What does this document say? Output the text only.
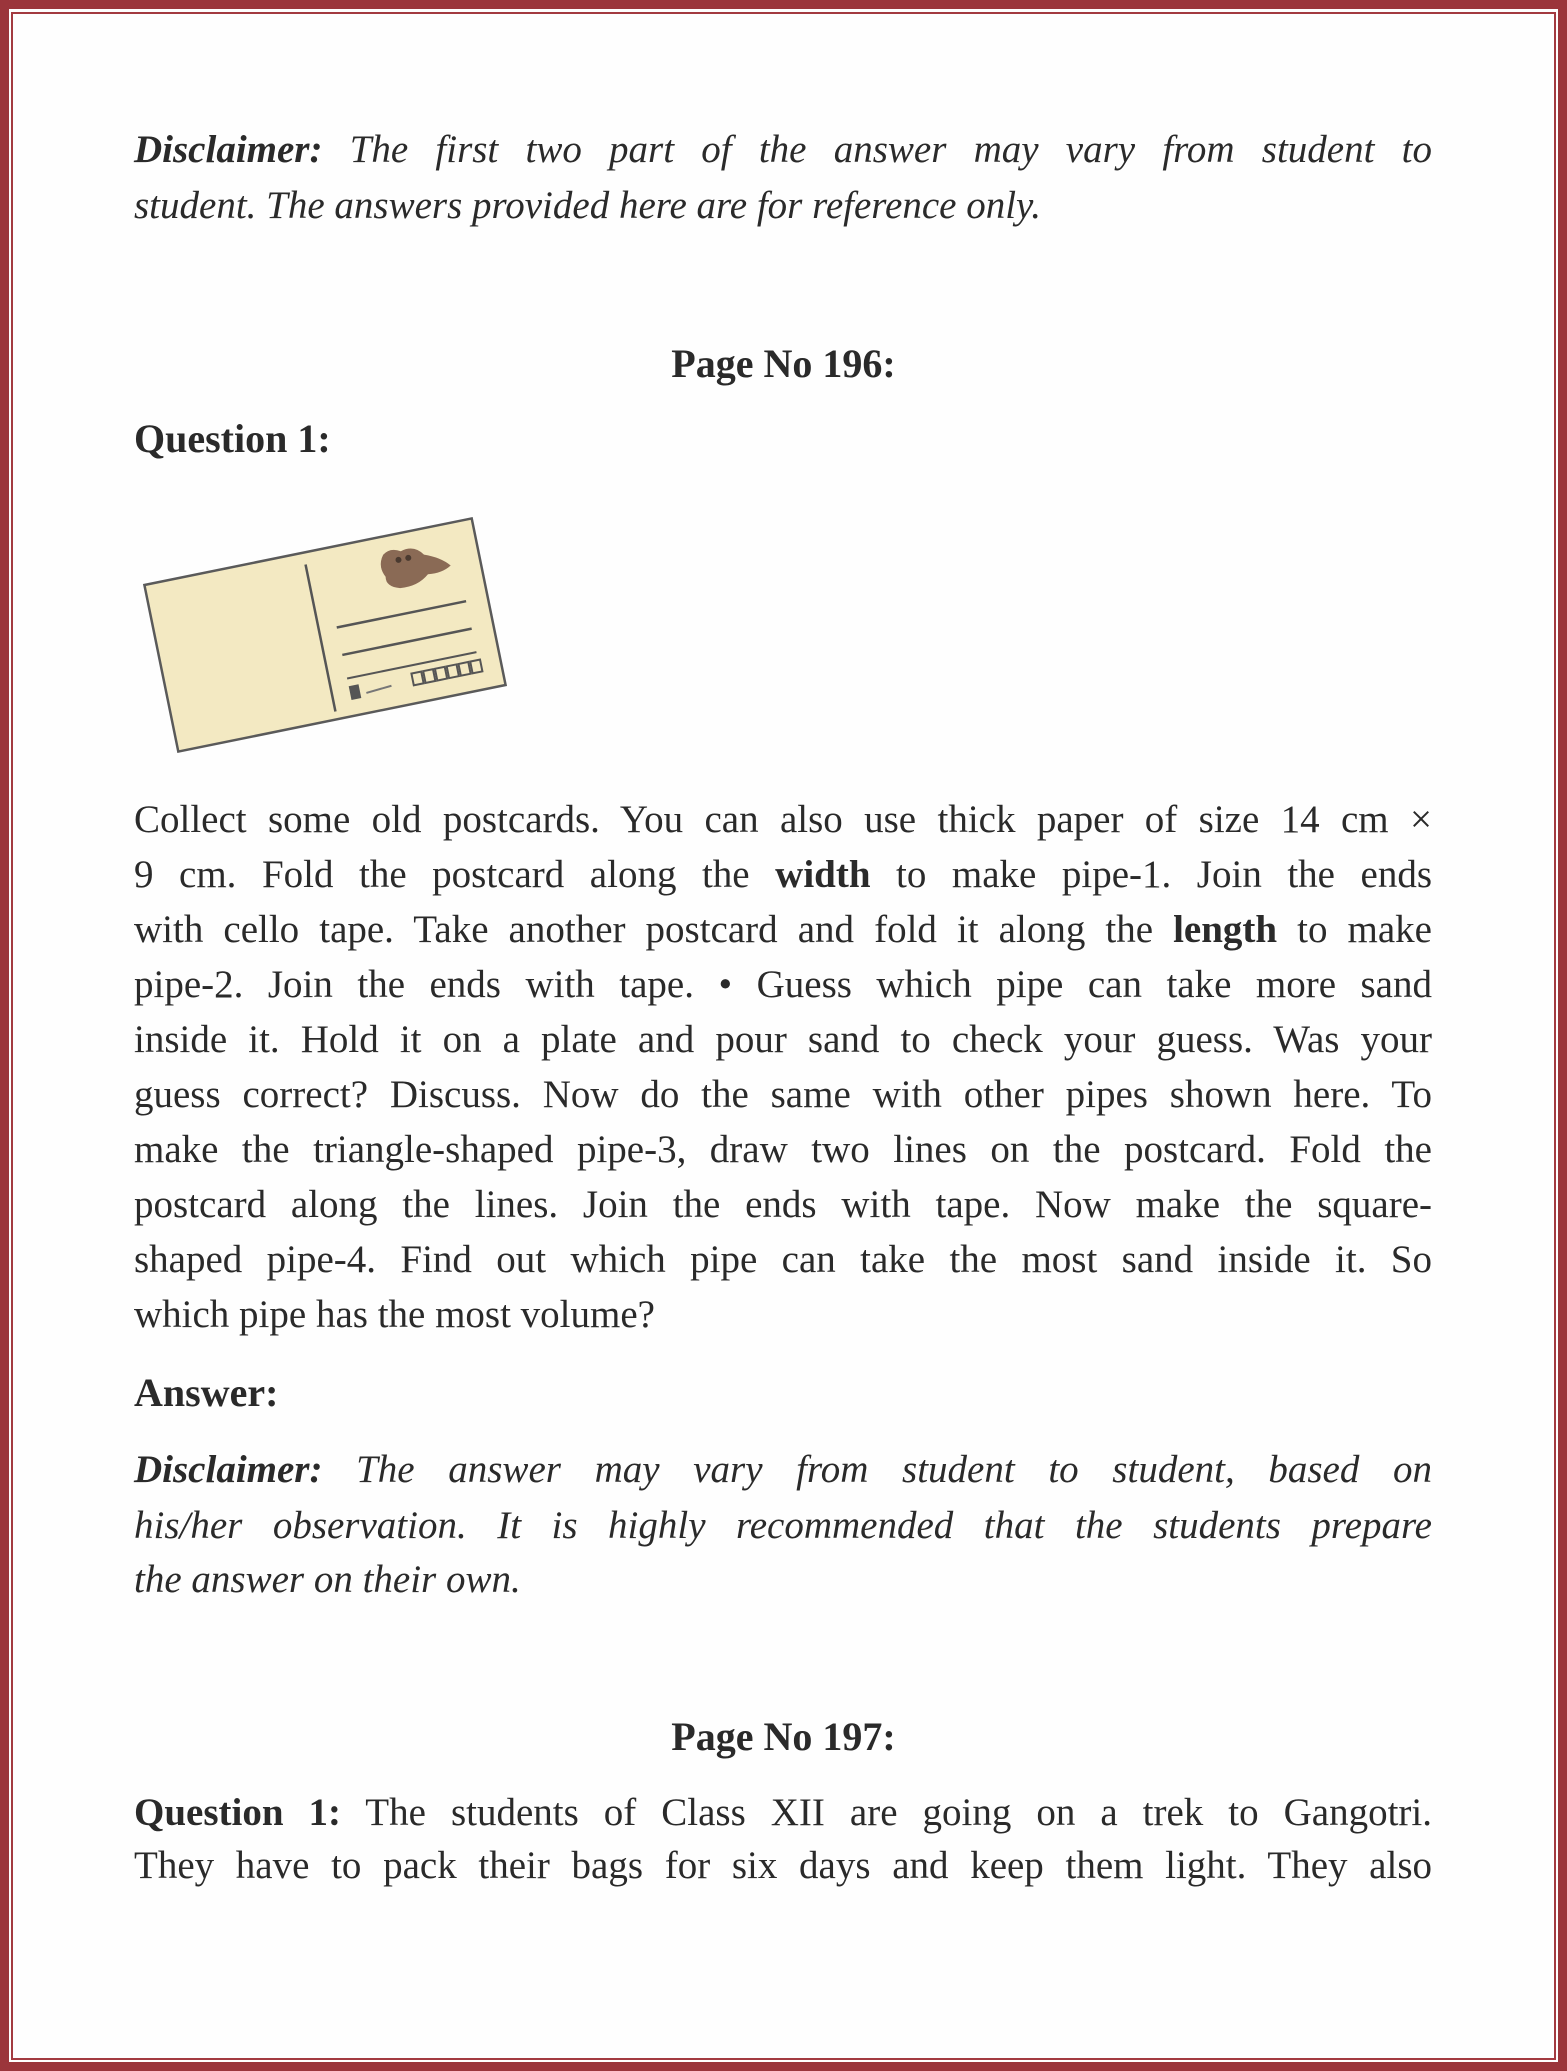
Disclaimer: The first two part of the answer may vary from student to
student. The answers provided here are for reference only.
Page No 196:
Question 1:
Collect some old postcards. You can also use thick paper of size 14 cm ×
9 cm. Fold the postcard along the width to make pipe-1. Join the ends
with cello tape. Take another postcard and fold it along the length to make
pipe-2. Join the ends with tape. • Guess which pipe can take more sand
inside it. Hold it on a plate and pour sand to check your guess. Was your
guess correct? Discuss. Now do the same with other pipes shown here. To
make the triangle-shaped pipe-3, draw two lines on the postcard. Fold the
postcard along the lines. Join the ends with tape. Now make the square-
shaped pipe-4. Find out which pipe can take the most sand inside it. So
which pipe has the most volume?
Answer:
Disclaimer: The answer may vary from student to student, based on
his/her observation. It is highly recommended that the students prepare
the answer on their own.
Page No 197:
Question 1: The students of Class XII are going on a trek to Gangotri.
They have to pack their bags for six days and keep them light. They also
